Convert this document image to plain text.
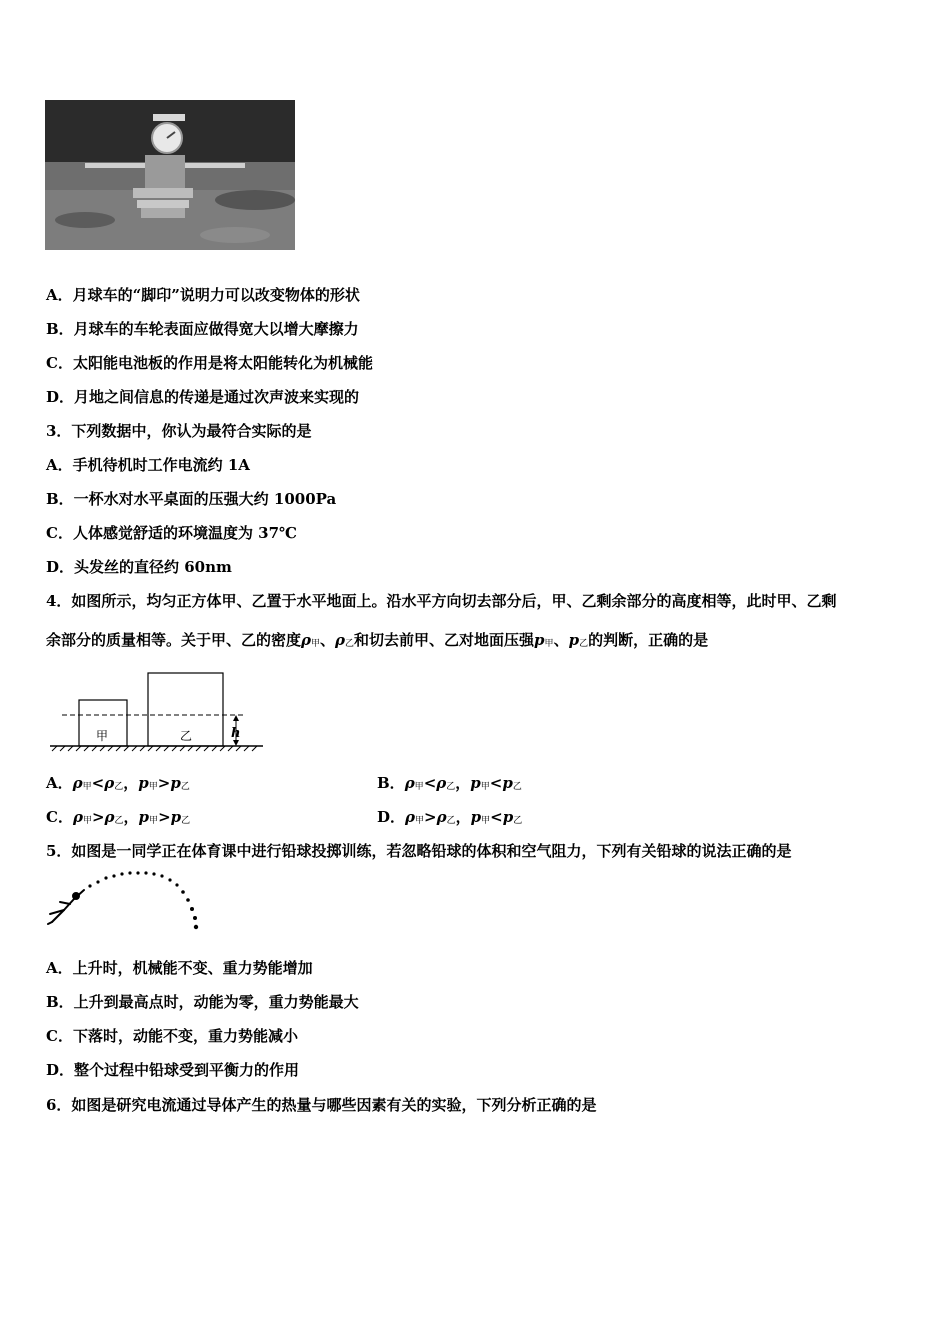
A．月球车的“脚印”说明力可以改变物体的形状
B．月球车的车轮表面应做得宽大以增大摩擦力
C．太阳能电池板的作用是将太阳能转化为机械能
D．月地之间信息的传递是通过次声波来实现的
3．下列数据中，你认为最符合实际的是
A．手机待机时工作电流约 1A
B．一杯水对水平桌面的压强大约 1000Pa
C．人体感觉舒适的环境温度为 37℃
D．头发丝的直径约 60nm
4．如图所示，均匀正方体甲、乙置于水平地面上。沿水平方向切去部分后，甲、乙剩余部分的高度相等，此时甲、乙剩
余部分的质量相等。关于甲、乙的密度ρ甲、ρ乙和切去前甲、乙对地面压强p甲、p乙的判断，正确的是
甲	乙	h
A．ρ甲<ρ乙，p甲>p乙	B．ρ甲<ρ乙，p甲<p乙
C．ρ甲>ρ乙，p甲>p乙	D．ρ甲>ρ乙，p甲<p乙
5．如图是一同学正在体育课中进行铅球投掷训练，若忽略铅球的体积和空气阻力，下列有关铅球的说法正确的是
A．上升时，机械能不变、重力势能增加
B．上升到最高点时，动能为零，重力势能最大
C．下落时，动能不变，重力势能减小
D．整个过程中铅球受到平衡力的作用
6．如图是研究电流通过导体产生的热量与哪些因素有关的实验，下列分析正确的是
